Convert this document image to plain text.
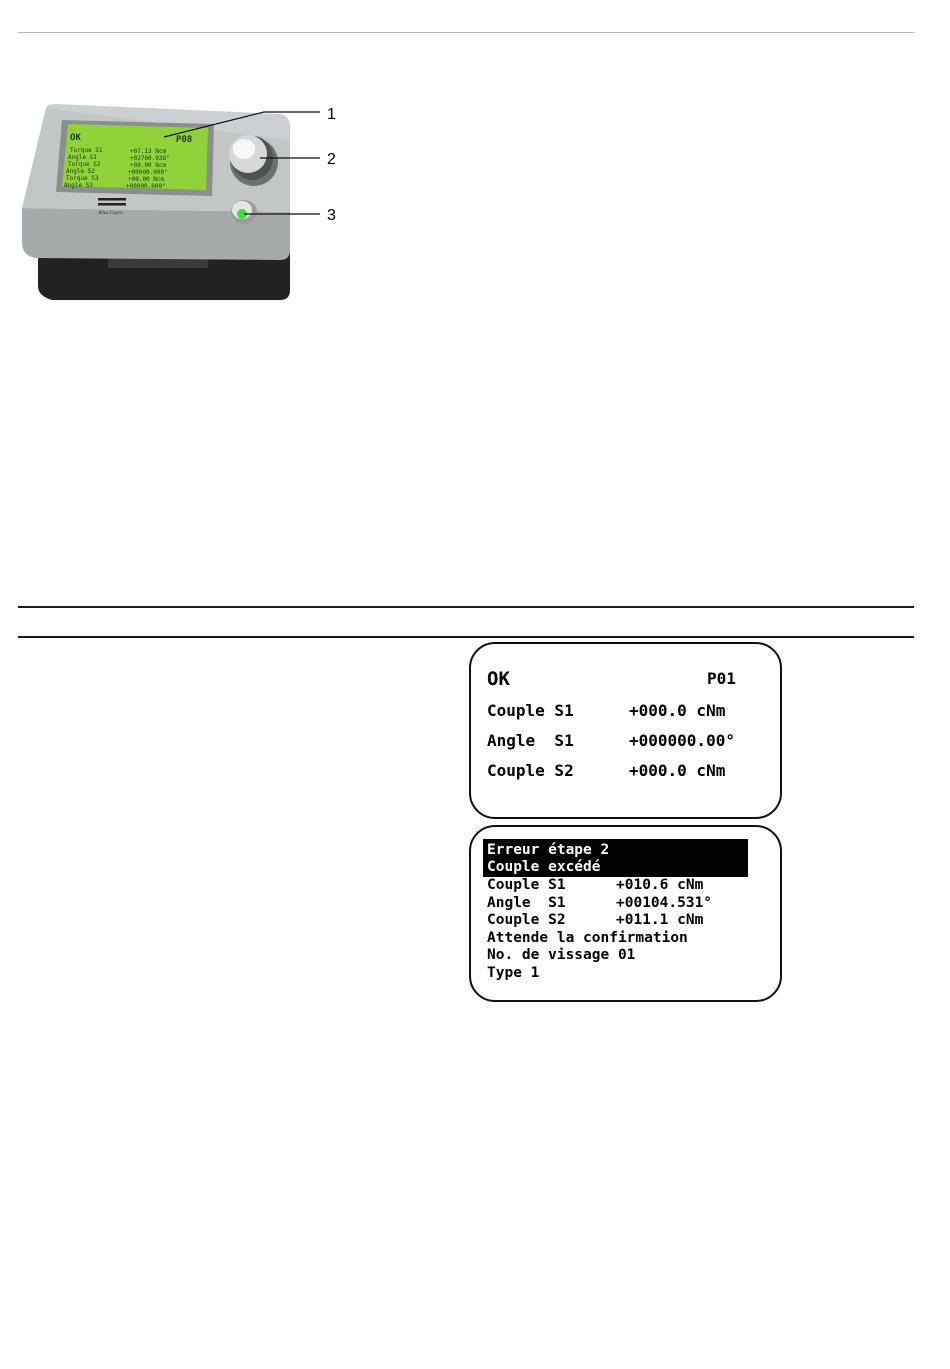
OK	P08
Torque S1	+07.13 Ncm
Angle S1	+02760.938°
Torque S2	+00.00 Ncm
Angle S2	+00000.000°
Torque S3	+00.00 Ncm
Angle S3	+00000.000°
Atlas Copco
1
2
3
OK	P01
Couple S1	+000.0 cNm
Angle  S1	+000000.00°
Couple S2	+000.0 cNm
Erreur étape 2
Couple excédé
Couple S1	+010.6 cNm
Angle  S1	+00104.531°
Couple S2	+011.1 cNm
Attende la confirmation
No. de vissage 01
Type 1
